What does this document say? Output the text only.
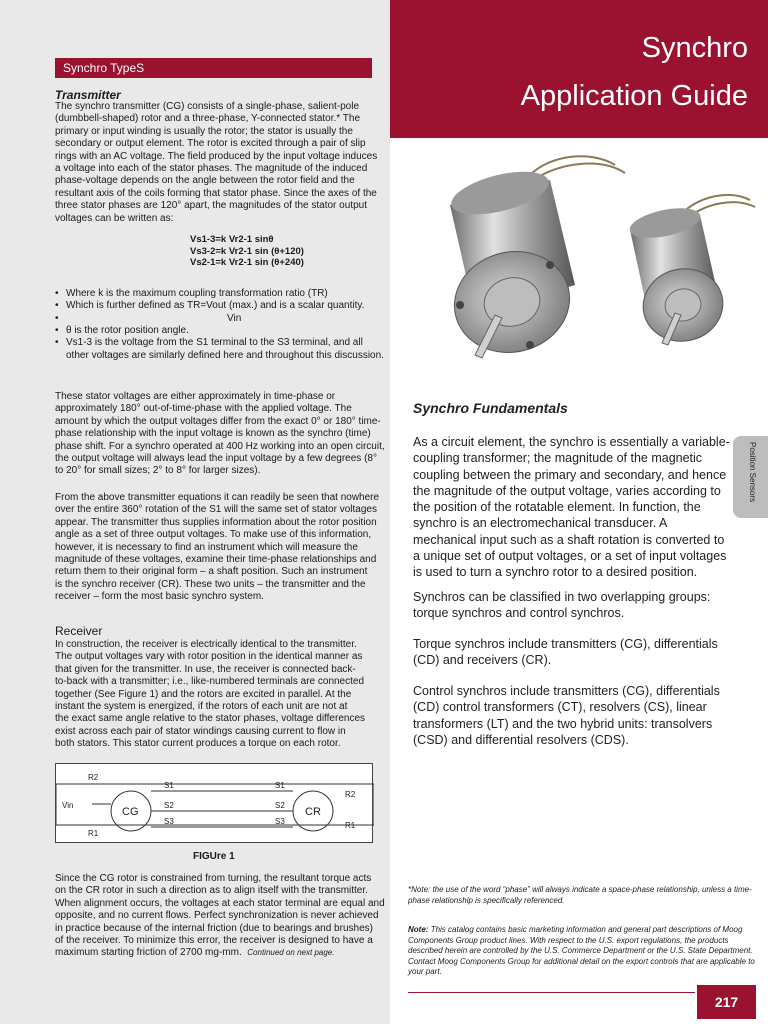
Synchro
Application Guide
Synchro TypeS
Transmitter
The synchro transmitter (CG) consists of a single-phase, salient-pole
(dumbbell-shaped) rotor and a three-phase, Y-connected stator.* The
primary or input winding is usually the rotor; the stator is usually the
secondary or output element. The rotor is excited through a pair of slip
rings with an AC voltage. The field produced by the input voltage induces
a voltage into each of the stator phases. The magnitude of the induced
phase-voltage depends on the angle between the rotor field and the
resultant axis of the coils forming that stator phase. Since the axes of the
three stator phases are 120° apart, the magnitudes of the stator output
voltages can be written as:
Vs1-3=k Vr2-1 sinθ
Vs3-2=k Vr2-1 sin (θ+120)
Vs2-1=k Vr2-1 sin (θ+240)
• Where k is the maximum coupling transformation ratio (TR)
• Which is further defined as TR=Vout (max.) and is a scalar quantity.
•
Vin
• θ is the rotor position angle.
• Vs1-3 is the voltage from the S1 terminal to the S3 terminal, and all other voltages are similarly defined here and throughout this discussion.
These stator voltages are either approximately in time-phase or
approximately 180° out-of-time-phase with the applied voltage. The
amount by which the output voltages differ from the exact 0° or 180° time-
phase relationship with the input voltage is known as the synchro (time)
phase shift. For a synchro operated at 400 Hz working into an open circuit,
the output voltage will always lead the input voltage by a few degrees (8°
to 20° for small sizes; 2° to 8° for larger sizes).
From the above transmitter equations it can readily be seen that nowhere
over the entire 360° rotation of the S1 will the same set of stator voltages
appear. The transmitter thus supplies information about the rotor position
angle as a set of three output voltages. To make use of this information,
however, it is necessary to find an instrument which will measure the
magnitude of these voltages, examine their time-phase relationships and
return them to their original form – a shaft position. Such an instrument
is the synchro receiver (CR). These two units – the transmitter and the
receiver – form the most basic synchro system.
Receiver
In construction, the receiver is electrically identical to the transmitter.
The output voltages vary with rotor position in the identical manner as
that given for the transmitter. In use, the receiver is connected back-
to-back with a transmitter; i.e., like-numbered terminals are connected
together (See Figure 1) and the rotors are excited in parallel. At the
instant the system is energized, if the rotors of each unit are not at
the exact same angle relative to the stator phases, voltage differences
exist across each pair of stator windings causing current to flow in
both stators. This stator current produces a torque on each rotor.
R2
R1
Vin
S1
S2
S3
S1
S2
S3
R2
R1
CG	CR
FIGUre 1
Since the CG rotor is constrained from turning, the resultant torque acts
on the CR rotor in such a direction as to align itself with the transmitter.
When alignment occurs, the voltages at each stator terminal are equal and
opposite, and no current flows. Perfect synchronization is never achieved
in practice because of the internal friction (due to bearings and brushes)
of the receiver. To minimize this error, the receiver is designed to have a
maximum starting friction of 2700 mg-mm. Continued on next page.
Synchro Fundamentals
As a circuit element, the synchro is essentially a variable-coupling transformer; the magnitude of the magnetic coupling between the primary and secondary, and hence the magnitude of the output voltage, varies according to the position of the rotatable element. In function, the synchro is an electromechanical transducer. A mechanical input such as a shaft rotation is converted to a unique set of output voltages, or a set of input voltages is used to turn a synchro rotor to a desired position.
Synchros can be classified in two overlapping groups: torque synchros and control synchros.
Torque synchros include transmitters (CG), differentials (CD) and receivers (CR).
Control synchros include transmitters (CG), differentials (CD) control transformers (CT), resolvers (CS), linear transformers (LT) and the two hybrid units: transolvers (CSD) and differential resolvers (CDS).
Position Sensors
*Note: the use of the word “phase” will always indicate a space-phase relationship, unless a time-phase relationship is specifically referenced.
Note: This catalog contains basic marketing information and general part descriptions of Moog Components Group product lines. With respect to the U.S. export regulations, the products described herein are controlled by the U.S. Commerce Department or the U.S. State Department. Contact Moog Components Group for additional detail on the export controls that are applicable to your part.
217
